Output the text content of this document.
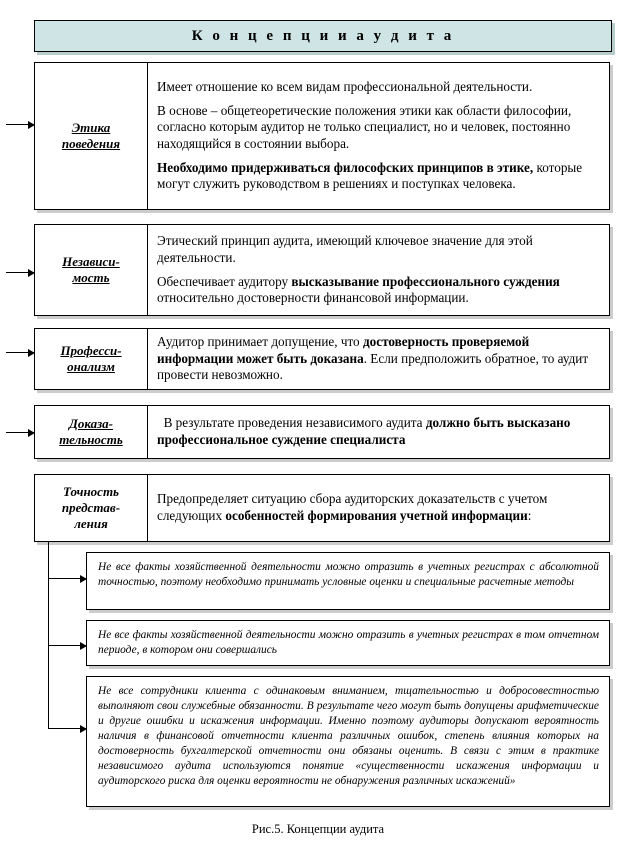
К о н ц е п ц и и а у д и т а
Этика
поведения

Имеет отношение ко всем видам профессиональной деятельности.

В основе – общетеоретические положения этики как области философии, согласно которым аудитор не только специалист, но и человек, постоянно находящийся в состоянии выбора.

Необходимо придерживаться философских принципов в этике, которые могут служить руководством в решениях и поступках человека.

Независи-
мость

Этический принцип аудита, имеющий ключевое значение для этой деятельности.

Обеспечивает аудитору высказывание профессионального суждения относительно достоверности финансовой информации.

Професси-
онализм

Аудитор принимает допущение, что достоверность проверяемой информации может быть доказана. Если предположить обратное, то аудит провести невозможно.

Доказа-
тельность

В результате проведения независимого аудита должно быть высказано профессиональное суждение специалиста

Точность
представ-
ления

Предопределяет ситуацию сбора аудиторских доказательств с учетом следующих особенностей формирования учетной информации:

Не все факты хозяйственной деятельности можно отразить в учетных регистрах с абсолютной точностью, поэтому необходимо принимать условные оценки и специальные расчетные методы

Не все факты хозяйственной деятельности можно отразить в учетных регистрах в том отчетном периоде, в котором они совершались

Не все сотрудники клиента с одинаковым вниманием, тщательностью и добросовестностью выполняют свои служебные обязанности. В результате чего могут быть допущены арифметические и другие ошибки и искажения информации. Именно поэтому аудиторы допускают вероятность наличия в финансовой отчетности клиента различных ошибок, степень влияния которых на достоверность бухгалтерской отчетности они обязаны оценить. В связи с этим в практике независимого аудита используются понятие «существенности искажения информации и аудиторского риска для оценки вероятности не обнаружения различных искажений»

Рис.5. Концепции аудита
